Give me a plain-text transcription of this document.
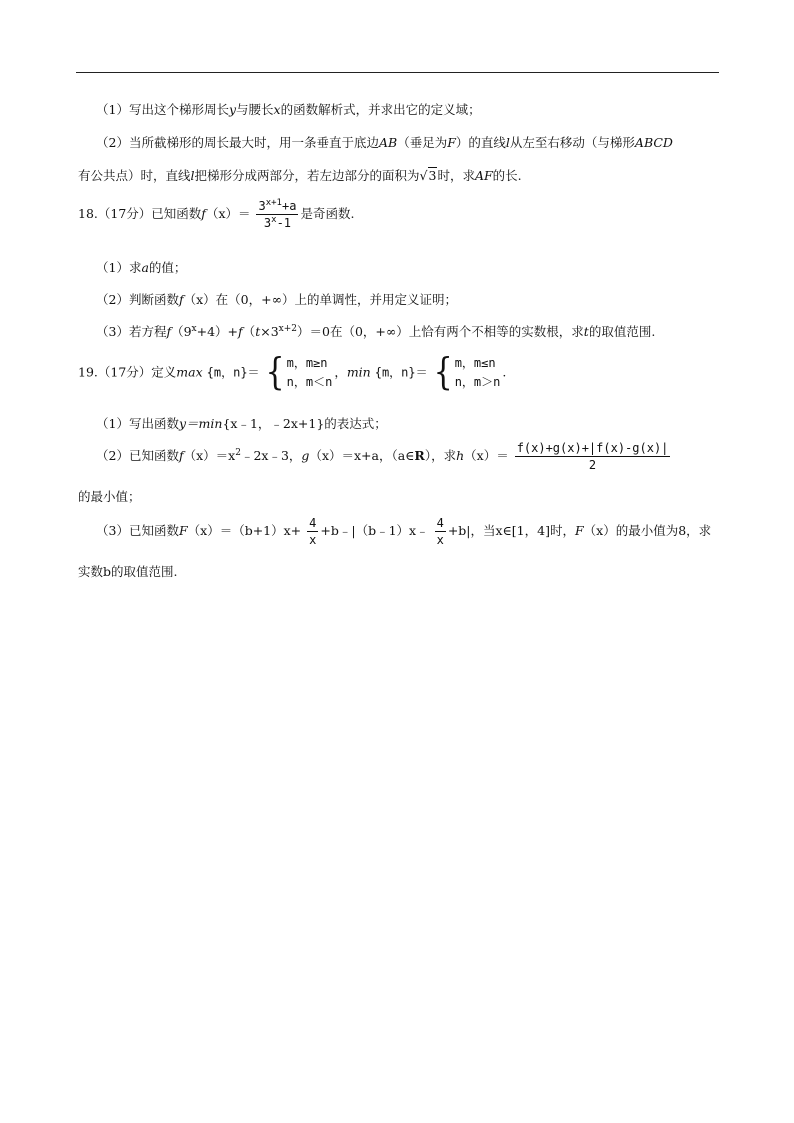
（1）写出这个梯形周长y与腰长x的函数解析式，并求出它的定义域；
（2）当所截梯形的周长最大时，用一条垂直于底边AB（垂足为F）的直线l从左至右移动（与梯形ABCD
有公共点）时，直线l把梯形分成两部分，若左边部分的面积为√3时，求AF的长.
18.（17分）已知函数$f(x)= \frac{3^{x+1}+a}{3^x-1}$ 是奇函数.
（1）求a的值；
（2）判断函数f（x）在（0，+∞）上的单调性，并用定义证明；
（3）若方程$f(9^x+4)+f(t\times 3^{x+2})=0$在（0，+∞）上恰有两个不相等的实数根，求t的取值范围.
19.（17分）定义max {m，n}＝ { m，m≥n
n，m＜n
，min {m，n}＝ { m，m≤n
n，m＞n
.
（1）写出函数y＝min{x﹣1，﹣2x+1}的表达式；
（2）已知函数$f(x)=x^2﹣2x﹣3$，g（x）＝x+a，（a∈R），求$h(x)= \frac{f(x)+g(x)+|f(x)-g(x)|}{2}$
的最小值；
（3）已知函数$F(x)=(b+1)x+ \frac{4}{x}$ +b﹣|（b﹣1）x﹣ $\frac{4}{x} +b|$，当x∈[1，4]时，F（x）的最小值为8，求
实数b的取值范围.
